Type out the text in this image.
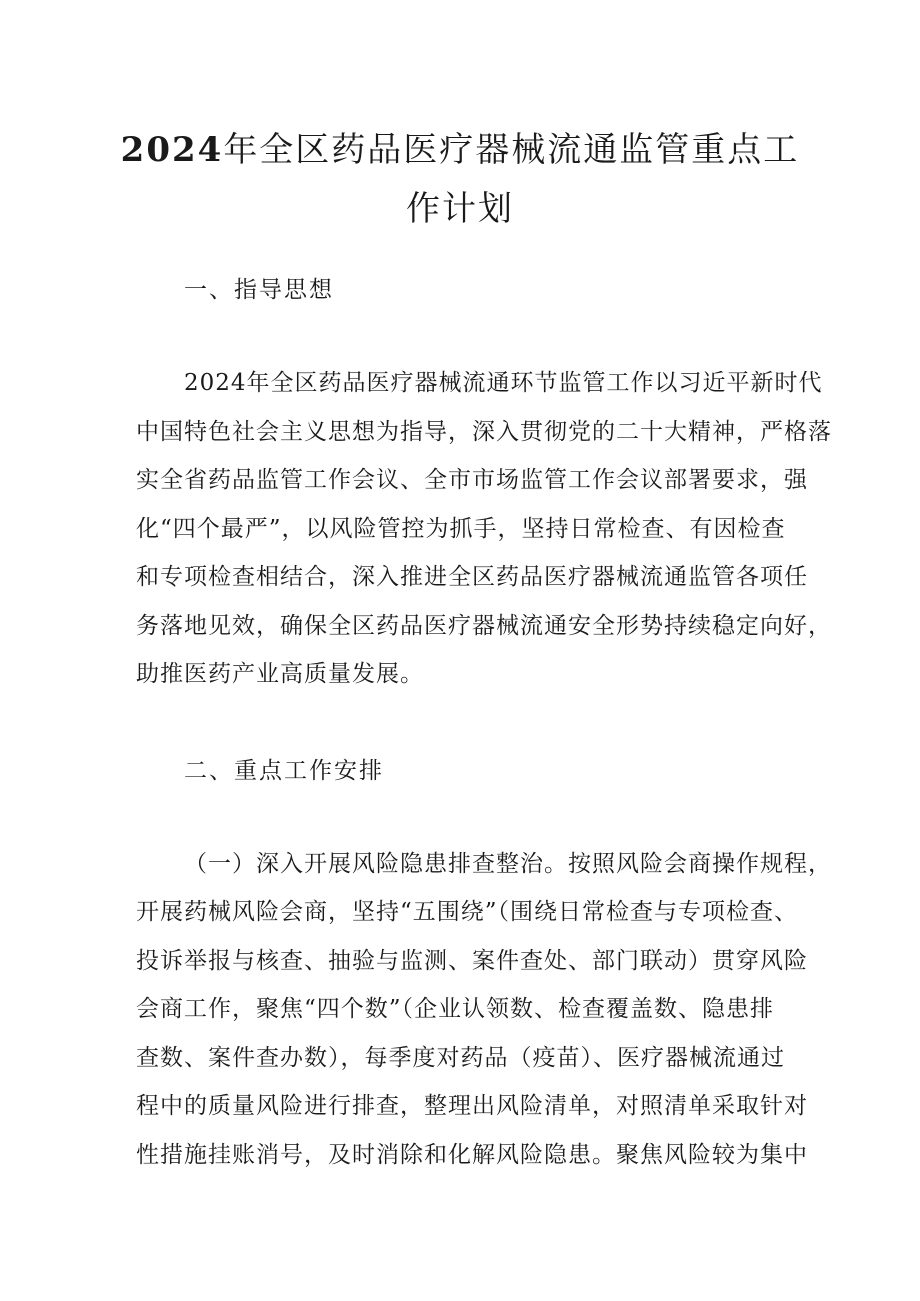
2024年全区药品医疗器械流通监管重点工
作计划
一、指导思想
2024年全区药品医疗器械流通环节监管工作以习近平新时代
中国特色社会主义思想为指导，深入贯彻党的二十大精神，严格落
实全省药品监管工作会议、全市市场监管工作会议部署要求，强
化“四个最严”，以风险管控为抓手，坚持日常检查、有因检查
和专项检查相结合，深入推进全区药品医疗器械流通监管各项任
务落地见效，确保全区药品医疗器械流通安全形势持续稳定向好，
助推医药产业高质量发展。
二、重点工作安排
（一）深入开展风险隐患排查整治。按照风险会商操作规程，
开展药械风险会商，坚持“五围绕”（围绕日常检查与专项检查、
投诉举报与核查、抽验与监测、案件查处、部门联动）贯穿风险
会商工作，聚焦“四个数”（企业认领数、检查覆盖数、隐患排
查数、案件查办数），每季度对药品（疫苗）、医疗器械流通过
程中的质量风险进行排查，整理出风险清单，对照清单采取针对
性措施挂账消号，及时消除和化解风险隐患。聚焦风险较为集中
